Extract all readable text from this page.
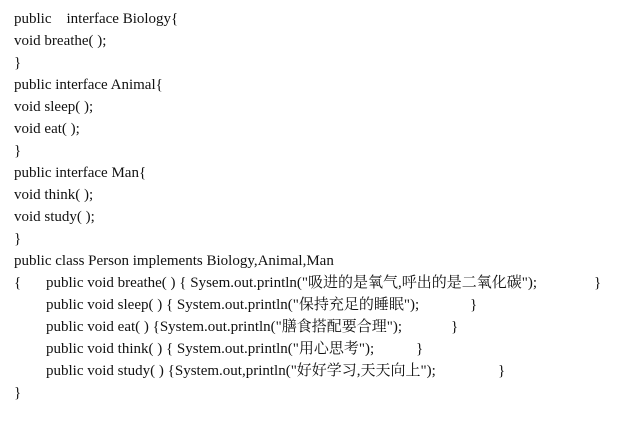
public    interface Biology{

void breathe( );

}

public interface Animal{

void sleep( );

void eat( );

}

public interface Man{

void think( );

void study( );

}

public class Person implements Biology,Animal,Man

{

public void breathe( ) { Sysem.out.println("吸进的是氧气,呼出的是二氧化碳");

	}

public void sleep( ) { System.out.println("保持充足的睡眠");

	}

public void eat( ) {System.out.println("膳食搭配要合理");

	}

public void think( ) { System.out.println("用心思考");

	}

public void study( ) {System.out,println("好好学习,天天向上");

	}

}
